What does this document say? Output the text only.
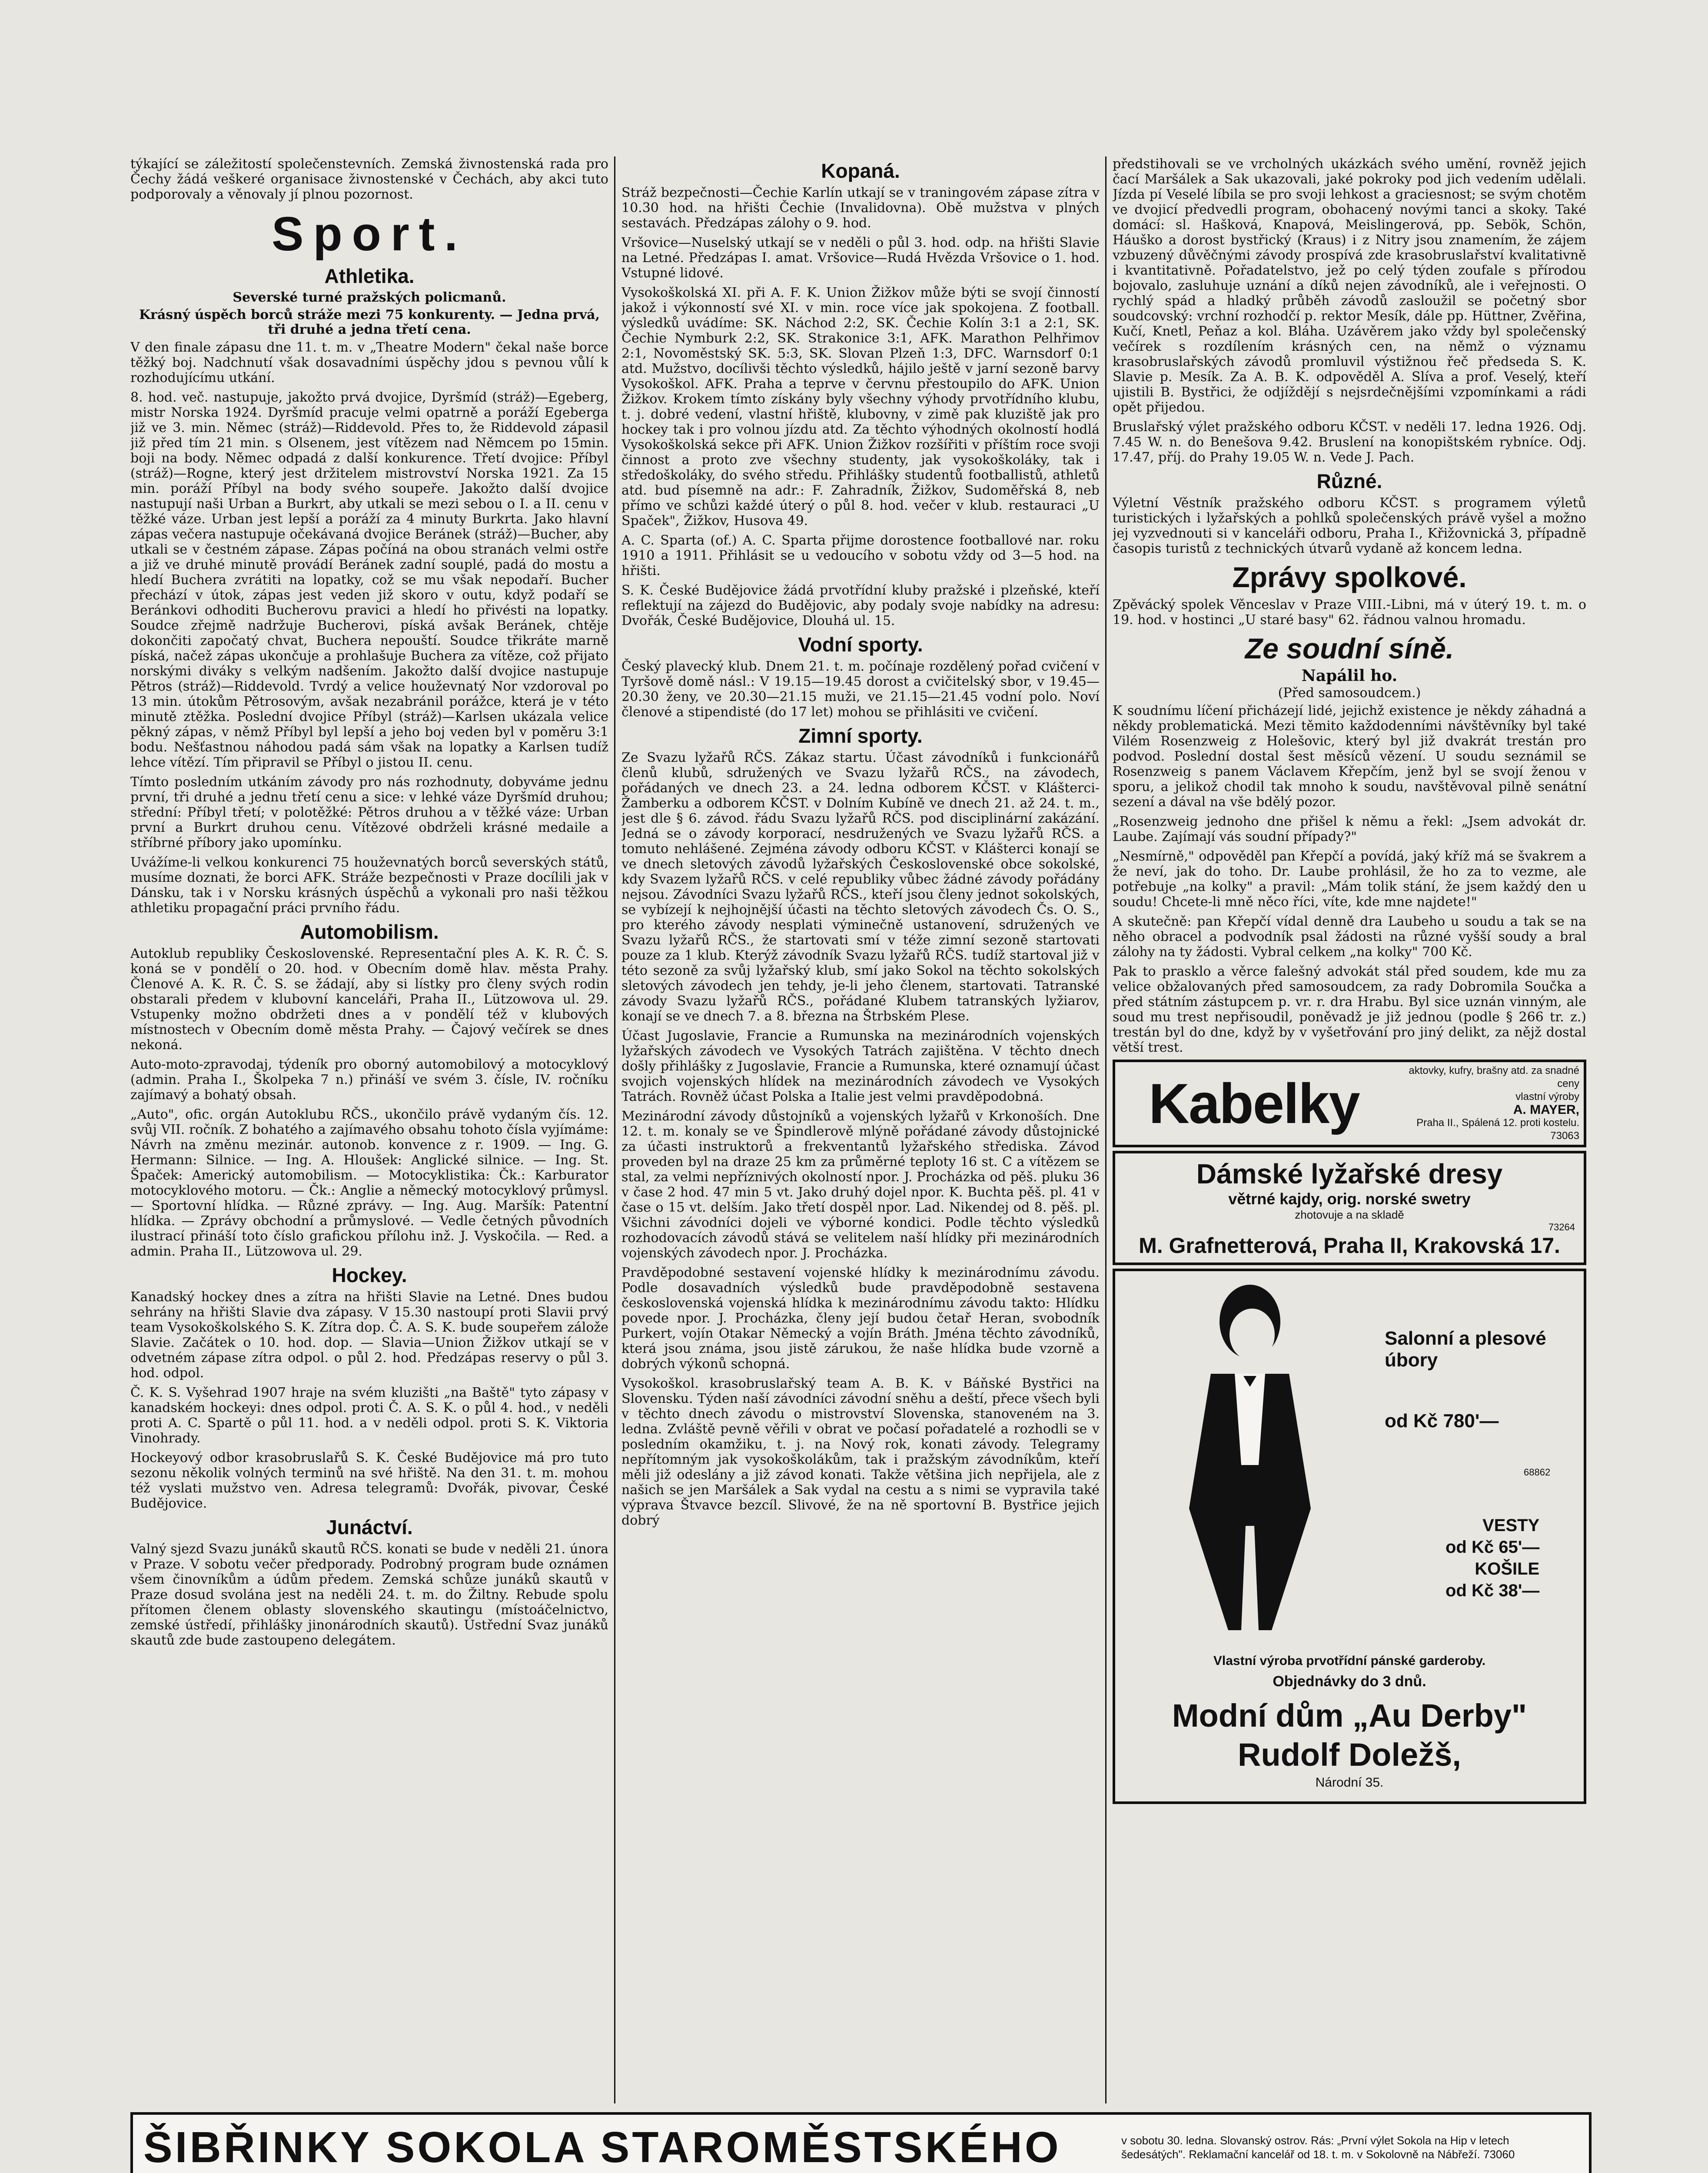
týkající se záležitostí společenstevních. Zemská živnostenská rada pro Čechy žádá veškeré organisace živnostenské v Čechách, aby akci tuto podporovaly a věnovaly jí plnou pozornost.

Sport.
Athletika.
Severské turné pražských policmanů.
Krásný úspěch borců stráže mezi 75 konkurenty. — Jedna prvá, tři druhé a jedna třetí cena.

V den finale zápasu dne 11. t. m. v „Theatre Modern" čekal naše borce těžký boj. Nadchnutí však dosavadními úspěchy jdou s pevnou vůlí k rozhodujícímu utkání.

8. hod. več. nastupuje, jakožto prvá dvojice, Dyršmíd (stráž)—Egeberg, mistr Norska 1924. Dyršmíd pracuje velmi opatrně a poráží Egeberga již ve 3. min. Němec (stráž)—Riddevold. Přes to, že Riddevold zápasil již před tím 21 min. s Olsenem, jest vítězem nad Němcem po 15min. boji na body. Němec odpadá z další konkurence. Třetí dvojice: Příbyl (stráž)—Rogne, který jest držitelem mistrovství Norska 1921. Za 15 min. poráží Příbyl na body svého soupeře. Jakožto další dvojice nastupují naši Urban a Burkrt, aby utkali se mezi sebou o I. a II. cenu v těžké váze. Urban jest lepší a poráží za 4 minuty Burkrta. Jako hlavní zápas večera nastupuje očekávaná dvojice Beránek (stráž)—Bucher, aby utkali se v čestném zápase. Zápas počíná na obou stranách velmi ostře a již ve druhé minutě provádí Beránek zadní souplé, padá do mostu a hledí Buchera zvrátiti na lopatky, což se mu však nepodaří. Bucher přechází v útok, zápas jest veden již skoro v outu, když podaří se Beránkovi odhoditi Bucherovu pravici a hledí ho přivésti na lopatky. Soudce zřejmě nadržuje Bucherovi, píská avšak Beránek, chtěje dokončiti započatý chvat, Buchera nepouští. Soudce třikráte marně píská, načež zápas ukončuje a prohlašuje Buchera za vítěze, což přijato norskými diváky s velkým nadšením. Jakožto další dvojice nastupuje Pětros (stráž)—Riddevold. Tvrdý a velice houževnatý Nor vzdoroval po 13 min. útokům Pětrosovým, avšak nezabránil porážce, která je v této minutě ztěžka. Poslední dvojice Příbyl (stráž)—Karlsen ukázala velice pěkný zápas, v němž Příbyl byl lepší a jeho boj veden byl v poměru 3:1 bodu. Nešťastnou náhodou padá sám však na lopatky a Karlsen tudíž lehce vítězí. Tím připravil se Příbyl o jistou II. cenu.

Tímto posledním utkáním závody pro nás rozhodnuty, dobyváme jednu první, tři druhé a jednu třetí cenu a sice: v lehké váze Dyršmíd druhou; střední: Příbyl třetí; v polotěžké: Pětros druhou a v těžké váze: Urban první a Burkrt druhou cenu. Vítězové obdrželi krásné medaile a stříbrné příbory jako upomínku.

Uvážíme-li velkou konkurenci 75 houževnatých borců severských států, musíme doznati, že borci AFK. Stráže bezpečnosti v Praze docílili jak v Dánsku, tak i v Norsku krásných úspěchů a vykonali pro naši těžkou athletiku propagační práci prvního řádu.

Automobilism.

Autoklub republiky Československé. Representační ples A. K. R. Č. S. koná se v pondělí o 20. hod. v Obecním domě hlav. města Prahy. Členové A. K. R. Č. S. se žádají, aby si lístky pro členy svých rodin obstarali předem v klubovní kanceláři, Praha II., Lützowova ul. 29. Vstupenky možno obdržeti dnes a v pondělí též v klubových místnostech v Obecním domě města Prahy. — Čajový večírek se dnes nekoná.

Auto-moto-zpravodaj, týdeník pro oborný automobilový a motocyklový (admin. Praha I., Školpeka 7 n.) přináší ve svém 3. čísle, IV. ročníku zajímavý a bohatý obsah.

„Auto", ofic. orgán Autoklubu RČS., ukončilo právě vydaným čís. 12. svůj VII. ročník. Z bohatého a zajímavého obsahu tohoto čísla vyjímáme: Návrh na změnu mezinár. autonob. konvence z r. 1909. — Ing. G. Hermann: Silnice. — Ing. A. Hloušek: Anglické silnice. — Ing. St. Špaček: Americký automobilism. — Motocyklistika: Čk.: Karburator motocyklového motoru. — Čk.: Anglie a německý motocyklový průmysl. — Sportovní hlídka. — Různé zprávy. — Ing. Aug. Maršík: Patentní hlídka. — Zprávy obchodní a průmyslové. — Vedle četných původních ilustrací přináší toto číslo grafickou přílohu inž. J. Vyskočila. — Red. a admin. Praha II., Lützowova ul. 29.

Hockey.

Kanadský hockey dnes a zítra na hřišti Slavie na Letné. Dnes budou sehrány na hřišti Slavie dva zápasy. V 15.30 nastoupí proti Slavii prvý team Vysokoškolského S. K. Zítra dop. Č. A. S. K. bude soupeřem zálože Slavie. Začátek o 10. hod. dop. — Slavia—Union Žižkov utkají se v odvetném zápase zítra odpol. o půl 2. hod. Předzápas reservy o půl 3. hod. odpol.

Č. K. S. Vyšehrad 1907 hraje na svém kluzišti „na Baště" tyto zápasy v kanadském hockeyi: dnes odpol. proti Č. A. S. K. o půl 4. hod., v neděli proti A. C. Spartě o půl 11. hod. a v neděli odpol. proti S. K. Viktoria Vinohrady.

Hockeyový odbor krasobruslařů S. K. České Budějovice má pro tuto sezonu několik volných terminů na své hřiště. Na den 31. t. m. mohou též vyslati mužstvo ven. Adresa telegramů: Dvořák, pivovar, České Budějovice.

Junáctví.

Valný sjezd Svazu junáků skautů RČS. konati se bude v neděli 21. února v Praze. V sobotu večer předporady. Podrobný program bude oznámen všem činovníkům a údům předem. Zemská schůze junáků skautů v Praze dosud svolána jest na neděli 24. t. m. do Žiltny. Rebude spolu přítomen členem oblasty slovenského skautingu (místoáčelnictvo, zemské ústředí, přihlášky jinonárodních skautů). Ústřední Svaz junáků skautů zde bude zastoupeno delegátem.

Kopaná.

Stráž bezpečnosti—Čechie Karlín utkají se v traningovém zápase zítra v 10.30 hod. na hřišti Čechie (Invalidovna). Obě mužstva v plných sestavách. Předzápas zálohy o 9. hod.

Vršovice—Nuselský utkají se v neděli o půl 3. hod. odp. na hřišti Slavie na Letné. Předzápas I. amat. Vršovice—Rudá Hvězda Vršovice o 1. hod. Vstupné lidové.

Vysokoškolská XI. při A. F. K. Union Žižkov může býti se svojí činností jakož i výkonností své XI. v min. roce více jak spokojena. Z football. výsledků uvádíme: SK. Náchod 2:2, SK. Čechie Kolín 3:1 a 2:1, SK. Čechie Nymburk 2:2, SK. Strakonice 3:1, AFK. Marathon Pelhřimov 2:1, Novoměstský SK. 5:3, SK. Slovan Plzeň 1:3, DFC. Warnsdorf 0:1 atd. Mužstvo, docílivši těchto výsledků, hájilo ještě v jarní sezoně barvy Vysokoškol. AFK. Praha a teprve v červnu přestoupilo do AFK. Union Žižkov. Krokem tímto získány byly všechny výhody prvotřídního klubu, t. j. dobré vedení, vlastní hřiště, klubovny, v zimě pak kluziště jak pro hockey tak i pro volnou jízdu atd. Za těchto výhodných okolností hodlá Vysokoškolská sekce při AFK. Union Žižkov rozšířiti v příštím roce svoji činnost a proto zve všechny studenty, jak vysokoškoláky, tak i středoškoláky, do svého středu. Přihlášky studentů footballistů, athletů atd. bud písemně na adr.: F. Zahradník, Žižkov, Sudoměřská 8, neb přímo ve schůzi každé úterý o půl 8. hod. večer v klub. restauraci „U Spaček", Žižkov, Husova 49.

A. C. Sparta (of.) A. C. Sparta přijme dorostence footballové nar. roku 1910 a 1911. Přihlásit se u vedoucího v sobotu vždy od 3—5 hod. na hřišti.

S. K. České Budějovice žádá prvotřídní kluby pražské i plzeňské, kteří reflektují na zájezd do Budějovic, aby podaly svoje nabídky na adresu: Dvořák, České Budějovice, Dlouhá ul. 15.

Vodní sporty.

Český plavecký klub. Dnem 21. t. m. počínaje rozdělený pořad cvičení v Tyršově domě násl.: V 19.15—19.45 dorost a cvičitelský sbor, v 19.45—20.30 ženy, ve 20.30—21.15 muži, ve 21.15—21.45 vodní polo. Noví členové a stipendisté (do 17 let) mohou se přihlásiti ve cvičení.

Zimní sporty.

Ze Svazu lyžařů RČS. Zákaz startu. Účast závodníků i funkcionářů členů klubů, sdružených ve Svazu lyžařů RČS., na závodech, pořádaných ve dnech 23. a 24. ledna odborem KČST. v Klášterci-Žamberku a odborem KČST. v Dolním Kubíně ve dnech 21. až 24. t. m., jest dle § 6. závod. řádu Svazu lyžařů RČS. pod disciplinární zakázání. Jedná se o závody korporací, nesdružených ve Svazu lyžařů RČS. a tomuto nehlášené. Zejména závody odboru KČST. v Klášterci konají se ve dnech sletových závodů lyžařských Československé obce sokolské, kdy Svazem lyžařů RČS. v celé republiky vůbec žádné závody pořádány nejsou. Závodníci Svazu lyžařů RČS., kteří jsou členy jednot sokolských, se vybízejí k nejhojnější účasti na těchto sletových závodech Čs. O. S., pro kterého závody nesplati výminečně ustanovení, sdružených ve Svazu lyžařů RČS., že startovati smí v téže zimní sezoně startovati pouze za 1 klub. Kterýž závodník Svazu lyžařů RČS. tudíž startoval již v této sezoně za svůj lyžařský klub, smí jako Sokol na těchto sokolských sletových závodech jen tehdy, je-li jeho členem, startovati. Tatranské závody Svazu lyžařů RČS., pořádané Klubem tatranských lyžiarov, konají se ve dnech 7. a 8. března na Štrbském Plese.

Účast Jugoslavie, Francie a Rumunska na mezinárodních vojenských lyžařských závodech ve Vysokých Tatrách zajištěna. V těchto dnech došly přihlášky z Jugoslavie, Francie a Rumunska, které oznamují účast svojich vojenských hlídek na mezinárodních závodech ve Vysokých Tatrách. Rovněž účast Polska a Italie jest velmi pravděpodobná.

Mezinárodní závody důstojníků a vojenských lyžařů v Krkonoších. Dne 12. t. m. konaly se ve Špindlerově mlýně pořádané závody důstojnické za účasti instruktorů a frekventantů lyžařského střediska. Závod proveden byl na draze 25 km za průměrné teploty 16 st. C a vítězem se stal, za velmi nepříznivých okolností npor. J. Procházka od pěš. pluku 36 v čase 2 hod. 47 min 5 vt. Jako druhý dojel npor. K. Buchta pěš. pl. 41 v čase o 15 vt. delším. Jako třetí dospěl npor. Lad. Nikendej od 8. pěš. pl. Všichni závodníci dojeli ve výborné kondici. Podle těchto výsledků rozhodovacích závodů stává se velitelem naší hlídky při mezinárodních vojenských závodech npor. J. Procházka.

Pravděpodobné sestavení vojenské hlídky k mezinárodnímu závodu. Podle dosavadních výsledků bude pravděpodobně sestavena československá vojenská hlídka k mezinárodnímu závodu takto: Hlídku povede npor. J. Procházka, členy její budou četař Heran, svobodník Purkert, vojín Otakar Německý a vojín Bráth. Jména těchto závodníků, která jsou známa, jsou jistě zárukou, že naše hlídka bude vzorně a dobrých výkonů schopná.

Vysokoškol. krasobruslařský team A. B. K. v Báňské Bystřici na Slovensku. Týden naší závodníci závodní sněhu a deští, přece všech byli v těchto dnech závodu o mistrovství Slovenska, stanoveném na 3. ledna. Zvláště pevně věřili v obrat ve počasí pořadatelé a rozhodli se v posledním okamžiku, t. j. na Nový rok, konati závody. Telegramy nepřítomným jak vysokoškolákům, tak i pražským závodníkům, kteří měli již odeslány a již závod konati. Takže většina jich nepřijela, ale z našich se jen Maršálek a Sak vydal na cestu a s nimi se vypravila také výprava Štvavce bezcíl. Slivové, že na ně sportovní B. Bystřice jejich dobrý

předstihovali se ve vrcholných ukázkách svého umění, rovněž jejich čací Maršálek a Sak ukazovali, jaké pokroky pod jich vedením udělali. Jízda pí Veselé líbila se pro svoji lehkost a graciesnost; se svým chotěm ve dvojicí předvedli program, obohacený novými tanci a skoky. Také domácí: sl. Hašková, Knapová, Meislingerová, pp. Sebök, Schön, Háuško a dorost bystřický (Kraus) i z Nitry jsou znamením, že zájem vzbuzený důvěčnými závody prospívá zde krasobruslařství kvalitativně i kvantitativně. Pořadatelstvo, jež po celý týden zoufale s přírodou bojovalo, zasluhuje uznání a díků nejen závodníků, ale i veřejnosti. O rychlý spád a hladký průběh závodů zasloužil se početný sbor soudcovský: vrchní rozhodčí p. rektor Mesík, dále pp. Hüttner, Zvěřina, Kučí, Knetl, Peňaz a kol. Bláha. Uzávěrem jako vždy byl společenský večírek s rozdílením krásných cen, na němž o významu krasobruslařských závodů promluvil výstižnou řeč předseda S. K. Slavie p. Mesík. Za A. B. K. odpověděl A. Slíva a prof. Veselý, kteří ujistili B. Bystřici, že odjíždějí s nejsrdečnějšími vzpomínkami a rádi opět přijedou.

Bruslařský výlet pražského odboru KČST. v neděli 17. ledna 1926. Odj. 7.45 W. n. do Benešova 9.42. Bruslení na konopištském rybníce. Odj. 17.47, příj. do Prahy 19.05 W. n. Vede J. Pach.

Různé.

Výletní Věstník pražského odboru KČST. s programem výletů turistických i lyžařských a pohlků společenských právě vyšel a možno jej vyzvednouti si v kanceláři odboru, Praha I., Křižovnická 3, případně časopis turistů z technických útvarů vydaně až koncem ledna.

Zprávy spolkové.

Zpěvácký spolek Věnceslav v Praze VIII.-Libni, má v úterý 19. t. m. o 19. hod. v hostinci „U staré basy" 62. řádnou valnou hromadu.

Ze soudní síně.
Napálil ho.
(Před samosoudcem.)

K soudnímu líčení přicházejí lidé, jejichž existence je někdy záhadná a někdy problematická. Mezi těmito každodenními návštěvníky byl také Vilém Rosenzweig z Holešovic, který byl již dvakrát trestán pro podvod. Poslední dostal šest měsíců vězení. U soudu seznámil se Rosenzweig s panem Václavem Křepčím, jenž byl se svojí ženou v sporu, a jelikož chodil tak mnoho k soudu, navštěvoval pilně senátní sezení a dával na vše bdělý pozor.

„Rosenzweig jednoho dne přišel k němu a řekl: „Jsem advokát dr. Laube. Zajímají vás soudní případy?"

„Nesmírně," odpověděl pan Křepčí a povídá, jaký kříž má se švakrem a že neví, jak do toho. Dr. Laube prohlásil, že ho za to vezme, ale potřebuje „na kolky" a pravil: „Mám tolik stání, že jsem každý den u soudu! Chcete-li mně něco říci, víte, kde mne najdete!"

A skutečně: pan Křepčí vídal denně dra Laubeho u soudu a tak se na něho obracel a podvodník psal žádosti na různé vyšší soudy a bral zálohy na ty žádosti. Vybral celkem „na kolky" 700 Kč.

Pak to prasklo a věrce falešný advokát stál před soudem, kde mu za velice obžalovaných před samosoudcem, za rady Dobromila Součka a před státním zástupcem p. vr. r. dra Hrabu. Byl sice uznán vinným, ale soud mu trest nepřisoudil, poněvadž je již jednou (podle § 266 tr. z.) trestán byl do dne, když by v vyšetřování pro jiný delikt, za nějž dostal větší trest.

Kabelky
aktovky, kufry, brašny atd. za snadné ceny
vlastní výroby
A. MAYER,
Praha II., Spálená 12. proti kostelu.
73063
Dámské lyžařské dresy
větrné kajdy, orig. norské swetry
zhotovuje a na skladě
73264
M. Grafnetterová, Praha II, Krakovská 17.
Salonní a plesové úbory
od Kč 780'—
68862
VESTY
od Kč 65'—
KOŠILE
od Kč 38'—
Vlastní výroba prvotřídní pánské garderoby.
Objednávky do 3 dnů.
Modní dům „Au Derby"
Rudolf Doležš,
Národní 35.
ŠIBŘINKY SOKOLA STAROMĚSTSKÉHO	v sobotu 30. ledna. Slovanský ostrov. Rás: „První výlet Sokola na Hip v letech šedesátých". Reklamační kancelář od 18. t. m. v Sokolovně na Nábřeží. 73060
